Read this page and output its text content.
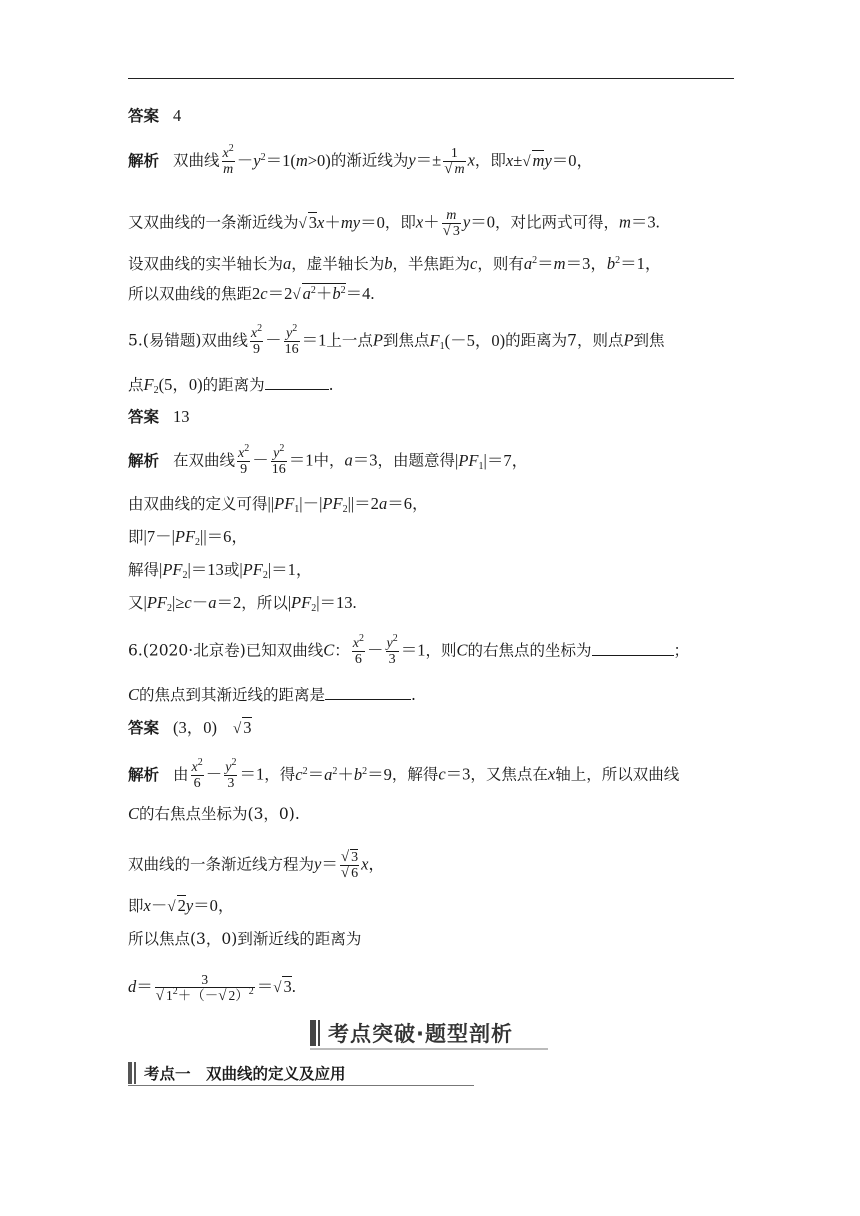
答案 4
解析 双曲线 $\frac{x^2}{m} -y^2=1(m>0)$的渐近线为$y=\pm \frac{1}{√ m}$ x，即x±√ my＝0，
又双曲线的一条渐近线为√ 3x＋my＝0，即$x+ \frac{m}{√ 3} y=0$，对比两式可得，m＝3.
设双曲线的实半轴长为a，虚半轴长为b，半焦距为c，则有$a^2=m=3$，$b^2=1$，
所以双曲线的焦距2c＝2√ $a^2+b^2=4$.
5.(易错题)双曲线 $\frac{x^2}{9} - \frac{y^2}{16} =1$上一点P到焦点$F_1(-5$，0)的距离为7，则点P到焦
点$F_2(5$，0)的距离为	.
答案 13
解析 在双曲线 $\frac{x^2}{9} - \frac{y^2}{16} =1$中，a＝3，由题意得$|PF_1|=7$，
由双曲线的定义可得$||PF_1|-|PF_2||=2a=6$，
即$|7-|PF_2||=6$，
解得$|PF_2|=13$或$|PF_2|=1$，
又$|PF_2|\ge c-a=2$，所以$|PF_2|=13$.
6.(2020·北京卷)已知双曲线C： $\frac{x^2}{6} - \frac{y^2}{3} =1$，则C的右焦点的坐标为	；
C的焦点到其渐近线的距离是	.
答案 (3，0) √ 3
解析 由 $\frac{x^2}{6} - \frac{y^2}{3} =1$，得$c^2=a^2+b^2=9$，解得c＝3，又焦点在x轴上，所以双曲线
C的右焦点坐标为(3，0).
双曲线的一条渐近线方程为$y= \frac{√ 3}{√ 6}$ x，
即x－√ 2y＝0，
所以焦点(3，0)到渐近线的距离为
$d= \frac{3}{√ 1^2+(-√ 2)^2}$ ＝√ 3.
考点突破·题型剖析
考点一　双曲线的定义及应用
